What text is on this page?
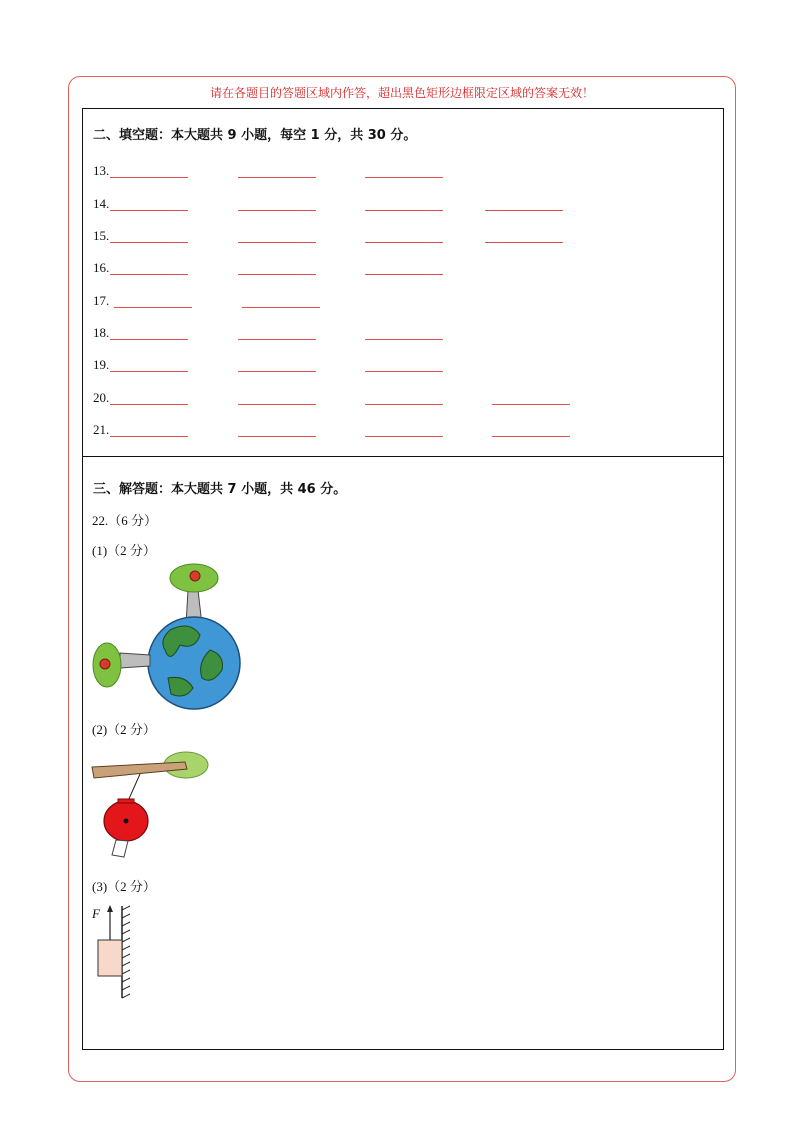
请在各题目的答题区域内作答，超出黑色矩形边框限定区域的答案无效！
二、填空题：本大题共 9 小题，每空 1 分，共 30 分。
13.
14.
15.
16.
17.
18.
19.
20.
21.
三、解答题：本大题共 7 小题，共 46 分。
22.（6 分）
(1)（2 分）
(2)（2 分）
(3)（2 分）
F
